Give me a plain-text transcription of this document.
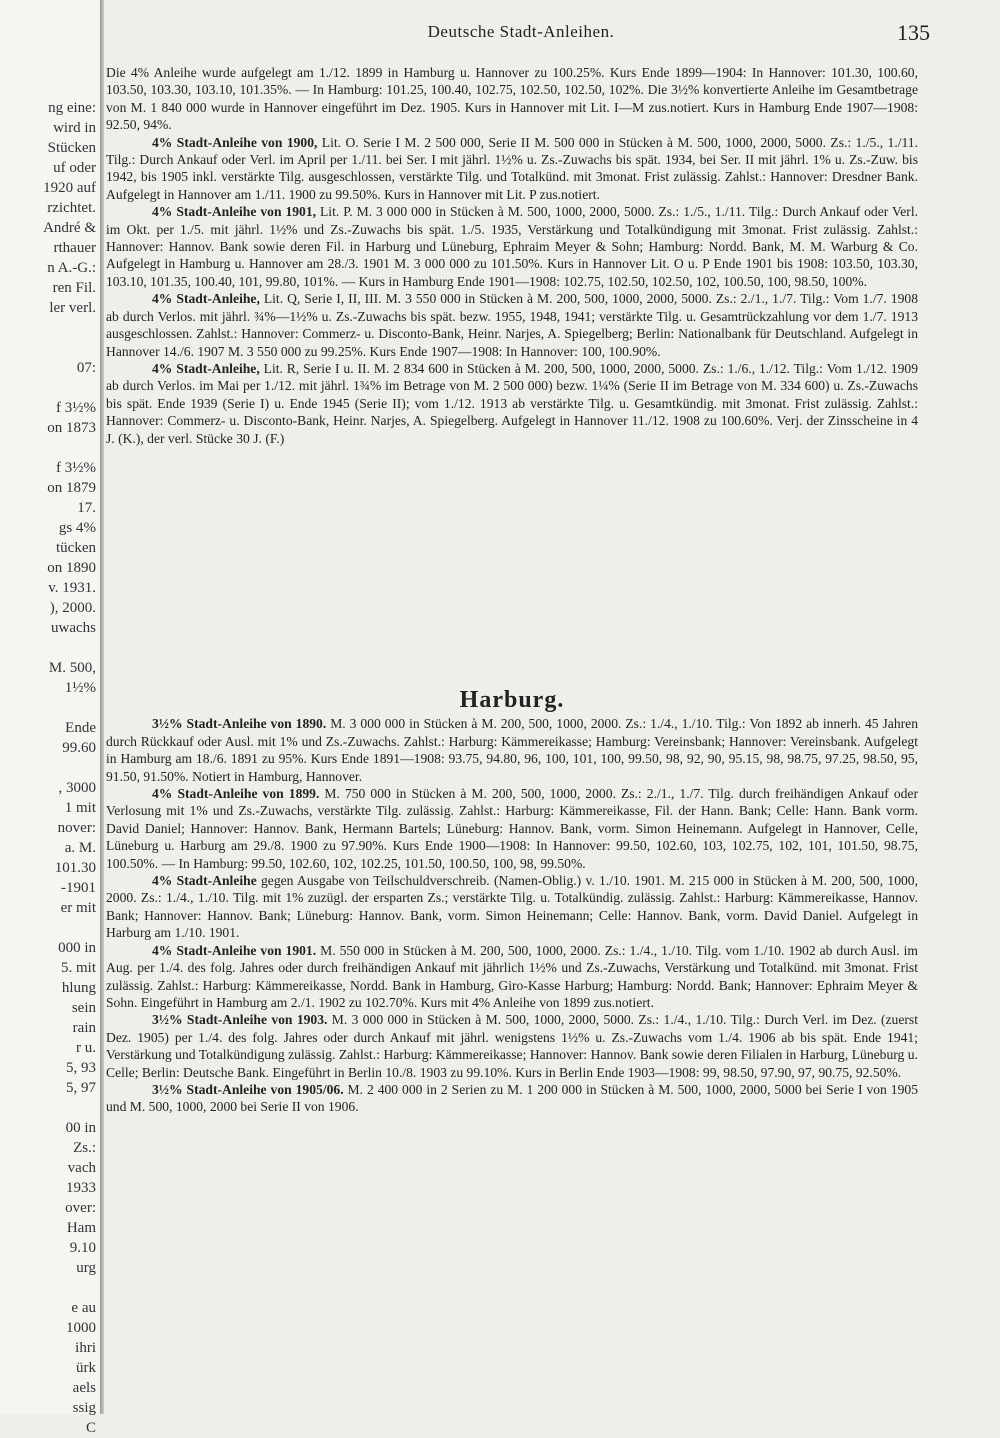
ng eine:
wird in
Stücken
uf oder
1920 auf
rzichtet.
André &
rthauer
n A.-G.:
ren Fil.
ler verl.
07:
f 3½%
on 1873
f 3½%
on 1879
17.
gs 4%
tücken
on 1890
v. 1931.
), 2000.
uwachs
M. 500,
1½%
Ende
99.60
, 3000
1 mit
nover:
a. M.
101.30
-1901
er mit
000 in
5. mit
hlung
sein
rain
r u.
5, 93
5, 97
00 in
Zs.:
vach
1933
over:
Ham
9.10
urg
e au
1000
ihri
ürk
aels
ssig
C
Deutsche Stadt-Anleihen.	135

Die 4% Anleihe wurde aufgelegt am 1./12. 1899 in Hamburg u. Hannover zu 100.25%. Kurs Ende 1899—1904: In Hannover: 101.30, 100.60, 103.50, 103.30, 103.10, 101.35%. — In Hamburg: 101.25, 100.40, 102.75, 102.50, 102.50, 102%. Die 3½% konvertierte Anleihe im Gesamtbetrage von M. 1 840 000 wurde in Hannover eingeführt im Dez. 1905. Kurs in Hannover mit Lit. I—M zus.notiert. Kurs in Hamburg Ende 1907—1908: 92.50, 94%.

4% Stadt-Anleihe von 1900, Lit. O. Serie I M. 2 500 000, Serie II M. 500 000 in Stücken à M. 500, 1000, 2000, 5000. Zs.: 1./5., 1./11. Tilg.: Durch Ankauf oder Verl. im April per 1./11. bei Ser. I mit jährl. 1½% u. Zs.-Zuwachs bis spät. 1934, bei Ser. II mit jährl. 1% u. Zs.-Zuw. bis 1942, bis 1905 inkl. verstärkte Tilg. ausgeschlossen, verstärkte Tilg. und Totalkünd. mit 3monat. Frist zulässig. Zahlst.: Hannover: Dresdner Bank. Aufgelegt in Hannover am 1./11. 1900 zu 99.50%. Kurs in Hannover mit Lit. P zus.notiert.

4% Stadt-Anleihe von 1901, Lit. P. M. 3 000 000 in Stücken à M. 500, 1000, 2000, 5000. Zs.: 1./5., 1./11. Tilg.: Durch Ankauf oder Verl. im Okt. per 1./5. mit jährl. 1½% und Zs.-Zuwachs bis spät. 1./5. 1935, Verstärkung und Totalkündigung mit 3monat. Frist zulässig. Zahlst.: Hannover: Hannov. Bank sowie deren Fil. in Harburg und Lüneburg, Ephraim Meyer & Sohn; Hamburg: Nordd. Bank, M. M. Warburg & Co. Aufgelegt in Hamburg u. Hannover am 28./3. 1901 M. 3 000 000 zu 101.50%. Kurs in Hannover Lit. O u. P Ende 1901 bis 1908: 103.50, 103.30, 103.10, 101.35, 100.40, 101, 99.80, 101%. — Kurs in Hamburg Ende 1901—1908: 102.75, 102.50, 102.50, 102, 100.50, 100, 98.50, 100%.

4% Stadt-Anleihe, Lit. Q, Serie I, II, III. M. 3 550 000 in Stücken à M. 200, 500, 1000, 2000, 5000. Zs.: 2./1., 1./7. Tilg.: Vom 1./7. 1908 ab durch Verlos. mit jährl. ¾%—1½% u. Zs.-Zuwachs bis spät. bezw. 1955, 1948, 1941; verstärkte Tilg. u. Gesamtrückzahlung vor dem 1./7. 1913 ausgeschlossen. Zahlst.: Hannover: Commerz- u. Disconto-Bank, Heinr. Narjes, A. Spiegelberg; Berlin: Nationalbank für Deutschland. Aufgelegt in Hannover 14./6. 1907 M. 3 550 000 zu 99.25%. Kurs Ende 1907—1908: In Hannover: 100, 100.90%.

4% Stadt-Anleihe, Lit. R, Serie I u. II. M. 2 834 600 in Stücken à M. 200, 500, 1000, 2000, 5000. Zs.: 1./6., 1./12. Tilg.: Vom 1./12. 1909 ab durch Verlos. im Mai per 1./12. mit jährl. 1¾% im Betrage von M. 2 500 000) bezw. 1¼% (Serie II im Betrage von M. 334 600) u. Zs.-Zuwachs bis spät. Ende 1939 (Serie I) u. Ende 1945 (Serie II); vom 1./12. 1913 ab verstärkte Tilg. u. Gesamtkündig. mit 3monat. Frist zulässig. Zahlst.: Hannover: Commerz- u. Disconto-Bank, Heinr. Narjes, A. Spiegelberg. Aufgelegt in Hannover 11./12. 1908 zu 100.60%. Verj. der Zinsscheine in 4 J. (K.), der verl. Stücke 30 J. (F.)

Harburg.

3½% Stadt-Anleihe von 1890. M. 3 000 000 in Stücken à M. 200, 500, 1000, 2000. Zs.: 1./4., 1./10. Tilg.: Von 1892 ab innerh. 45 Jahren durch Rückkauf oder Ausl. mit 1% und Zs.-Zuwachs. Zahlst.: Harburg: Kämmereikasse; Hamburg: Vereinsbank; Hannover: Vereinsbank. Aufgelegt in Hamburg am 18./6. 1891 zu 95%. Kurs Ende 1891—1908: 93.75, 94.80, 96, 100, 101, 100, 99.50, 98, 92, 90, 95.15, 98, 98.75, 97.25, 98.50, 95, 91.50, 91.50%. Notiert in Hamburg, Hannover.

4% Stadt-Anleihe von 1899. M. 750 000 in Stücken à M. 200, 500, 1000, 2000. Zs.: 2./1., 1./7. Tilg. durch freihändigen Ankauf oder Verlosung mit 1% und Zs.-Zuwachs, verstärkte Tilg. zulässig. Zahlst.: Harburg: Kämmereikasse, Fil. der Hann. Bank; Celle: Hann. Bank vorm. David Daniel; Hannover: Hannov. Bank, Hermann Bartels; Lüneburg: Hannov. Bank, vorm. Simon Heinemann. Aufgelegt in Hannover, Celle, Lüneburg u. Harburg am 29./8. 1900 zu 97.90%. Kurs Ende 1900—1908: In Hannover: 99.50, 102.60, 103, 102.75, 102, 101, 101.50, 98.75, 100.50%. — In Hamburg: 99.50, 102.60, 102, 102.25, 101.50, 100.50, 100, 98, 99.50%.

4% Stadt-Anleihe gegen Ausgabe von Teilschuldverschreib. (Namen-Oblig.) v. 1./10. 1901. M. 215 000 in Stücken à M. 200, 500, 1000, 2000. Zs.: 1./4., 1./10. Tilg. mit 1% zuzügl. der ersparten Zs.; verstärkte Tilg. u. Totalkündig. zulässig. Zahlst.: Harburg: Kämmereikasse, Hannov. Bank; Hannover: Hannov. Bank; Lüneburg: Hannov. Bank, vorm. Simon Heinemann; Celle: Hannov. Bank, vorm. David Daniel. Aufgelegt in Harburg am 1./10. 1901.

4% Stadt-Anleihe von 1901. M. 550 000 in Stücken à M. 200, 500, 1000, 2000. Zs.: 1./4., 1./10. Tilg. vom 1./10. 1902 ab durch Ausl. im Aug. per 1./4. des folg. Jahres oder durch freihändigen Ankauf mit jährlich 1½% und Zs.-Zuwachs, Verstärkung und Totalkünd. mit 3monat. Frist zulässig. Zahlst.: Harburg: Kämmereikasse, Nordd. Bank in Hamburg, Giro-Kasse Harburg; Hamburg: Nordd. Bank; Hannover: Ephraim Meyer & Sohn. Eingeführt in Hamburg am 2./1. 1902 zu 102.70%. Kurs mit 4% Anleihe von 1899 zus.notiert.

3½% Stadt-Anleihe von 1903. M. 3 000 000 in Stücken à M. 500, 1000, 2000, 5000. Zs.: 1./4., 1./10. Tilg.: Durch Verl. im Dez. (zuerst Dez. 1905) per 1./4. des folg. Jahres oder durch Ankauf mit jährl. wenigstens 1½% u. Zs.-Zuwachs vom 1./4. 1906 ab bis spät. Ende 1941; Verstärkung und Totalkündigung zulässig. Zahlst.: Harburg: Kämmereikasse; Hannover: Hannov. Bank sowie deren Filialen in Harburg, Lüneburg u. Celle; Berlin: Deutsche Bank. Eingeführt in Berlin 10./8. 1903 zu 99.10%. Kurs in Berlin Ende 1903—1908: 99, 98.50, 97.90, 97, 90.75, 92.50%.

3½% Stadt-Anleihe von 1905/06. M. 2 400 000 in 2 Serien zu M. 1 200 000 in Stücken à M. 500, 1000, 2000, 5000 bei Serie I von 1905 und M. 500, 1000, 2000 bei Serie II von 1906.
